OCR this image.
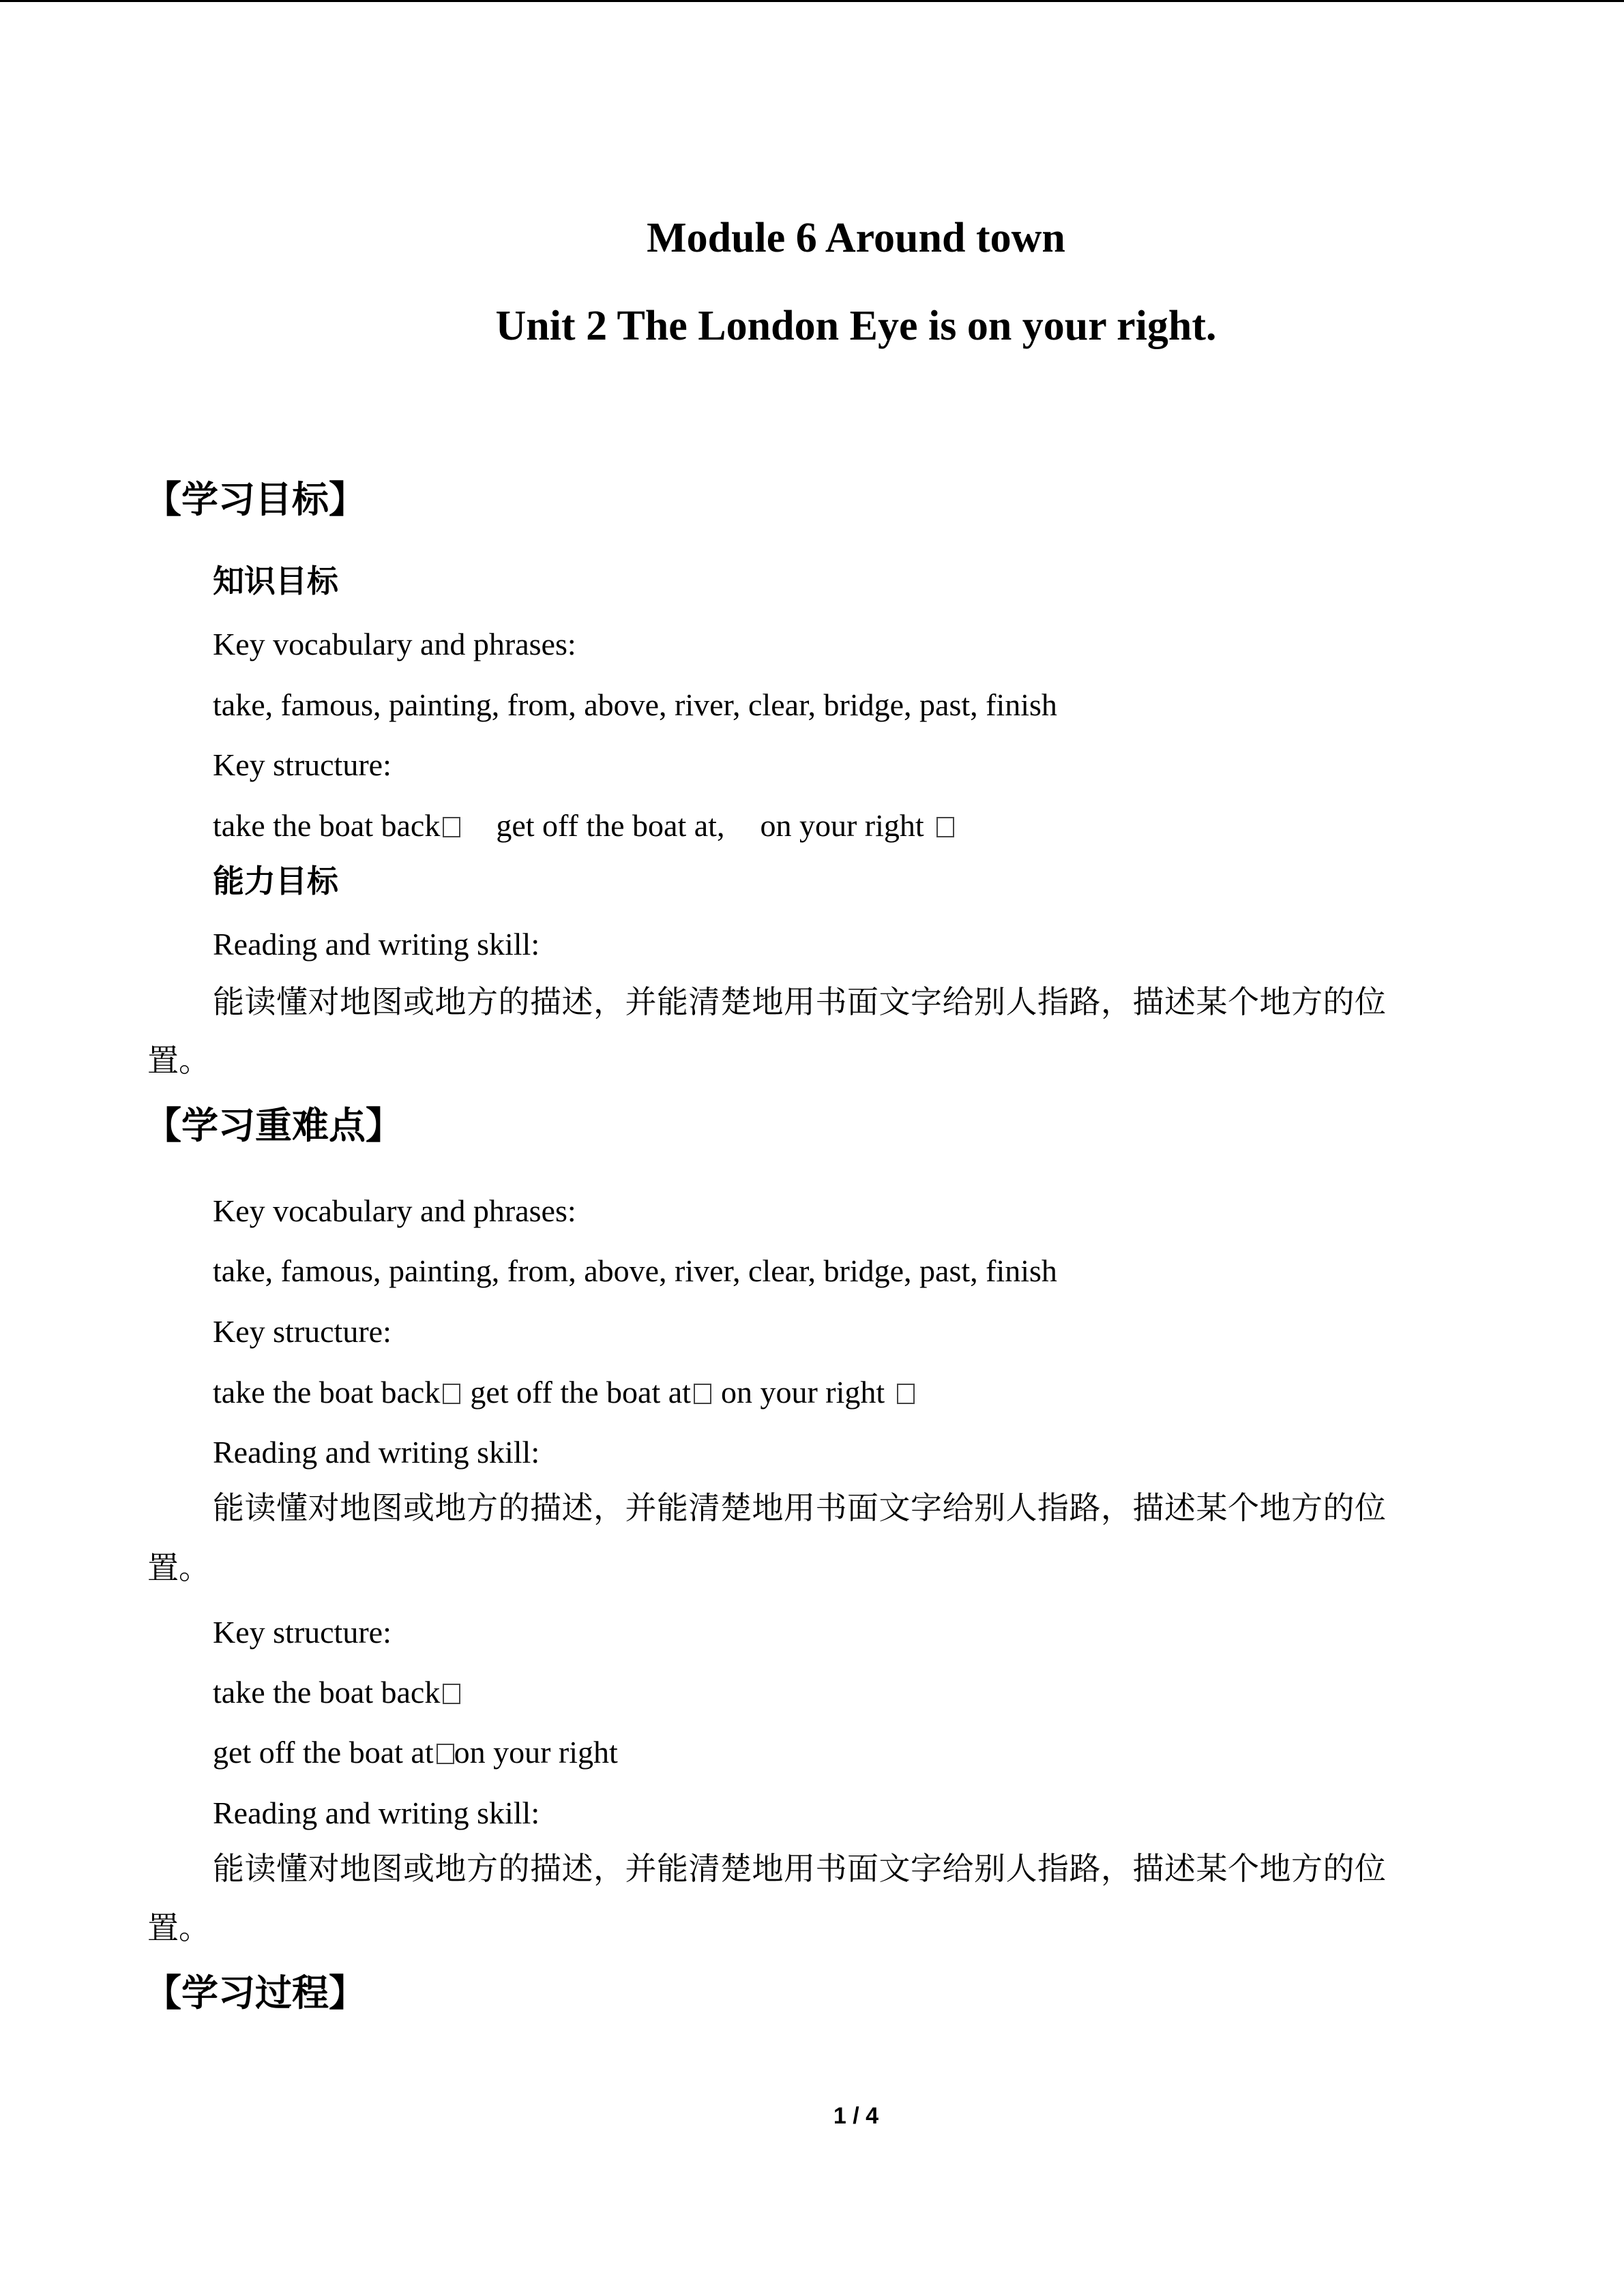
Module 6 Around town
Unit 2 The London Eye is on your right.
【学习目标】
知识目标
Key vocabulary and phrases:
take, famous, painting, from, above, river, clear, bridge, past, finish
Key structure:
take the boat back get off the boat at, on your right
能力目标
Reading and writing skill:
能读懂对地图或地方的描述，并能清楚地用书面文字给别人指路，描述某个地方的位
置。
【学习重难点】
Key vocabulary and phrases:
take, famous, painting, from, above, river, clear, bridge, past, finish
Key structure:
take the boat back get off the boat at on your right
Reading and writing skill:
能读懂对地图或地方的描述，并能清楚地用书面文字给别人指路，描述某个地方的位
置。
Key structure:
take the boat back
get off the boat at on your right
Reading and writing skill:
能读懂对地图或地方的描述，并能清楚地用书面文字给别人指路，描述某个地方的位
置。
【学习过程】
1 / 4
